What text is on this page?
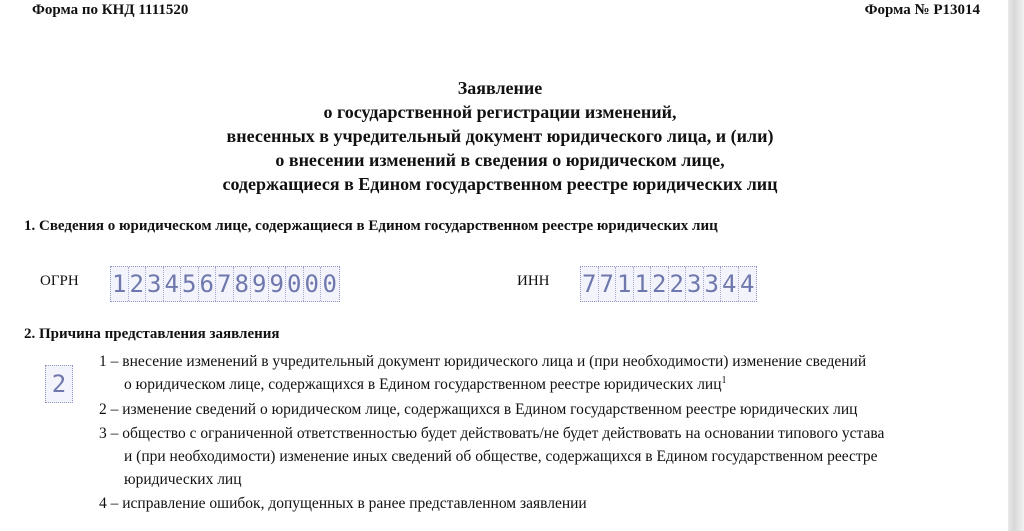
Форма по КНД 1111520	Форма № Р13014
Заявление
о государственной регистрации изменений,
внесенных в учредительный документ юридического лица, и (или)
о внесении изменений в сведения о юридическом лице,
содержащиеся в Едином государственном реестре юридических лиц
1. Сведения о юридическом лице, содержащиеся в Едином государственном реестре юридических лиц
ОГРН 1 2 3 4 5 6 7 8 9 9 0 0 0	ИНН 7 7 1 1 2 2 3 3 4 4
2. Причина представления заявления
2
1 – внесение изменений в учредительный документ юридического лица и (при необходимости) изменение сведений
о юридическом лице, содержащихся в Едином государственном реестре юридических лиц$^1$
2 – изменение сведений о юридическом лице, содержащихся в Едином государственном реестре юридических лиц
3 – общество с ограниченной ответственностью будет действовать/не будет действовать на основании типового устава
и (при необходимости) изменение иных сведений об обществе, содержащихся в Едином государственном реестре
юридических лиц
4 – исправление ошибок, допущенных в ранее представленном заявлении
